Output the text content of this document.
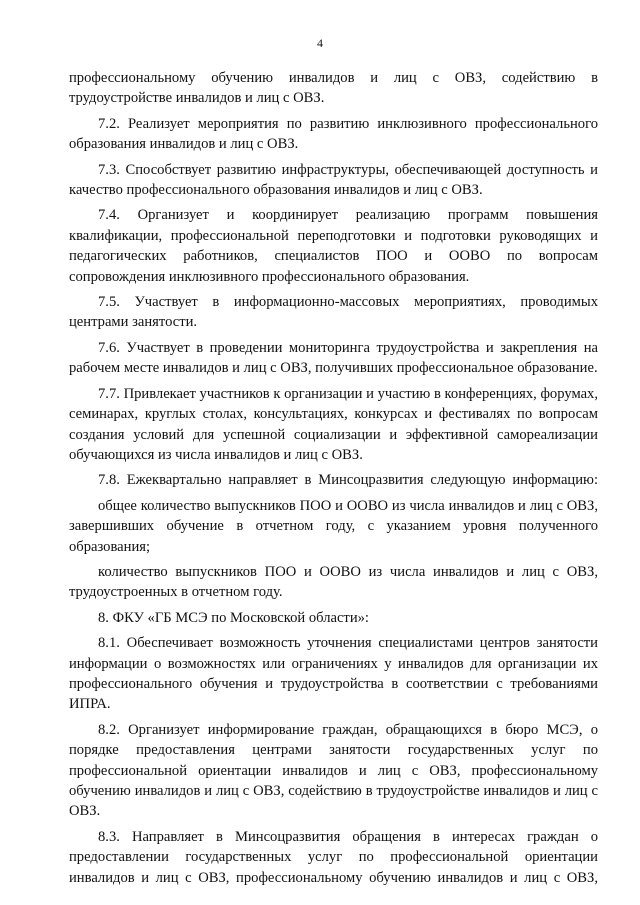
4

профессиональному обучению инвалидов и лиц с ОВЗ, содействию в трудоустройстве инвалидов и лиц с ОВЗ.

7.2. Реализует мероприятия по развитию инклюзивного профессионального образования инвалидов и лиц с ОВЗ.

7.3. Способствует развитию инфраструктуры, обеспечивающей доступность и качество профессионального образования инвалидов и лиц с ОВЗ.

7.4. Организует и координирует реализацию программ повышения квалификации, профессиональной переподготовки и подготовки руководящих и педагогических работников, специалистов ПОО и ООВО по вопросам сопровождения инклюзивного профессионального образования.

7.5. Участвует в информационно-массовых мероприятиях, проводимых центрами занятости.

7.6. Участвует в проведении мониторинга трудоустройства и закрепления на рабочем месте инвалидов и лиц с ОВЗ, получивших профессиональное образование.

7.7. Привлекает участников к организации и участию в конференциях, форумах, семинарах, круглых столах, консультациях, конкурсах и фестивалях по вопросам создания условий для успешной социализации и эффективной самореализации обучающихся из числа инвалидов и лиц с ОВЗ.

7.8. Ежеквартально направляет в Минсоцразвития следующую информацию:

общее количество выпускников ПОО и ООВО из числа инвалидов и лиц с ОВЗ, завершивших обучение в отчетном году, с указанием уровня полученного образования;

количество выпускников ПОО и ООВО из числа инвалидов и лиц с ОВЗ, трудоустроенных в отчетном году.

8. ФКУ «ГБ МСЭ по Московской области»:

8.1. Обеспечивает возможность уточнения специалистами центров занятости информации о возможностях или ограничениях у инвалидов для организации их профессионального обучения и трудоустройства в соответствии с требованиями ИПРА.

8.2. Организует информирование граждан, обращающихся в бюро МСЭ, о порядке предоставления центрами занятости государственных услуг по профессиональной ориентации инвалидов и лиц с ОВЗ, профессиональному обучению инвалидов и лиц с ОВЗ, содействию в трудоустройстве инвалидов и лиц с ОВЗ.

8.3. Направляет в Минсоцразвития обращения в интересах граждан о предоставлении государственных услуг по профессиональной ориентации инвалидов и лиц с ОВЗ, профессиональному обучению инвалидов и лиц с ОВЗ,
